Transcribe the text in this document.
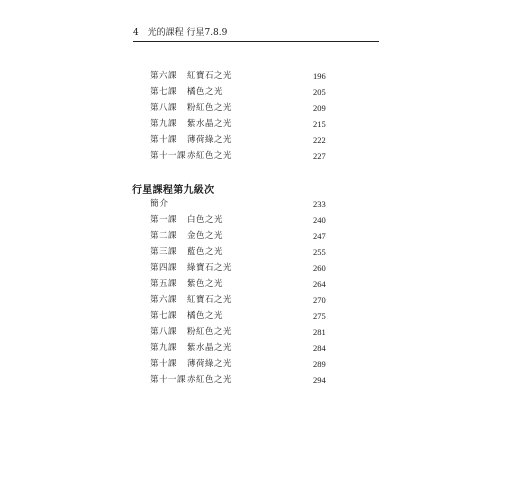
4 光的課程 行星7.8.9
第六課 紅寶石之光	196
第七課 橘色之光	205
第八課 粉紅色之光	209
第九課 紫水晶之光	215
第十課 薄荷綠之光	222
第十一課 赤紅色之光	227
行星課程第九級次
簡介	233
第一課 白色之光	240
第二課 金色之光	247
第三課 藍色之光	255
第四課 綠寶石之光	260
第五課 紫色之光	264
第六課 紅寶石之光	270
第七課 橘色之光	275
第八課 粉紅色之光	281
第九課 紫水晶之光	284
第十課 薄荷綠之光	289
第十一課 赤紅色之光	294
